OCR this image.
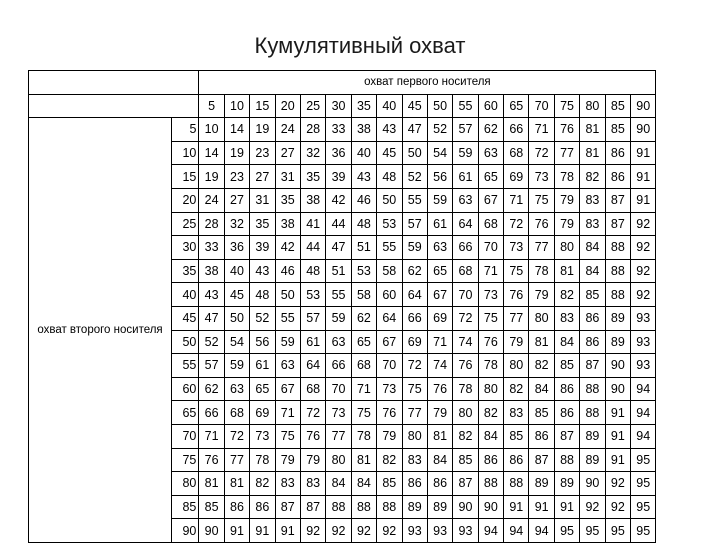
Кумулятивный охват
		охват первого носителя																	
		5	10	15	20	25	30	35	40	45	50	55	60	65	70	75	80	85	90
охват второго носителя	5	10	14	19	24	28	33	38	43	47	52	57	62	66	71	76	81	85	90
	10	14	19	23	27	32	36	40	45	50	54	59	63	68	72	77	81	86	91
	15	19	23	27	31	35	39	43	48	52	56	61	65	69	73	78	82	86	91
	20	24	27	31	35	38	42	46	50	55	59	63	67	71	75	79	83	87	91
	25	28	32	35	38	41	44	48	53	57	61	64	68	72	76	79	83	87	92
	30	33	36	39	42	44	47	51	55	59	63	66	70	73	77	80	84	88	92
	35	38	40	43	46	48	51	53	58	62	65	68	71	75	78	81	84	88	92
	40	43	45	48	50	53	55	58	60	64	67	70	73	76	79	82	85	88	92
	45	47	50	52	55	57	59	62	64	66	69	72	75	77	80	83	86	89	93
	50	52	54	56	59	61	63	65	67	69	71	74	76	79	81	84	86	89	93
	55	57	59	61	63	64	66	68	70	72	74	76	78	80	82	85	87	90	93
	60	62	63	65	67	68	70	71	73	75	76	78	80	82	84	86	88	90	94
	65	66	68	69	71	72	73	75	76	77	79	80	82	83	85	86	88	91	94
	70	71	72	73	75	76	77	78	79	80	81	82	84	85	86	87	89	91	94
	75	76	77	78	79	79	80	81	82	83	84	85	86	86	87	88	89	91	95
	80	81	81	82	83	83	84	84	85	86	86	87	88	88	89	89	90	92	95
	85	85	86	86	87	87	88	88	88	89	89	90	90	91	91	91	92	92	95
	90	90	91	91	91	92	92	92	92	93	93	93	94	94	94	95	95	95	95
